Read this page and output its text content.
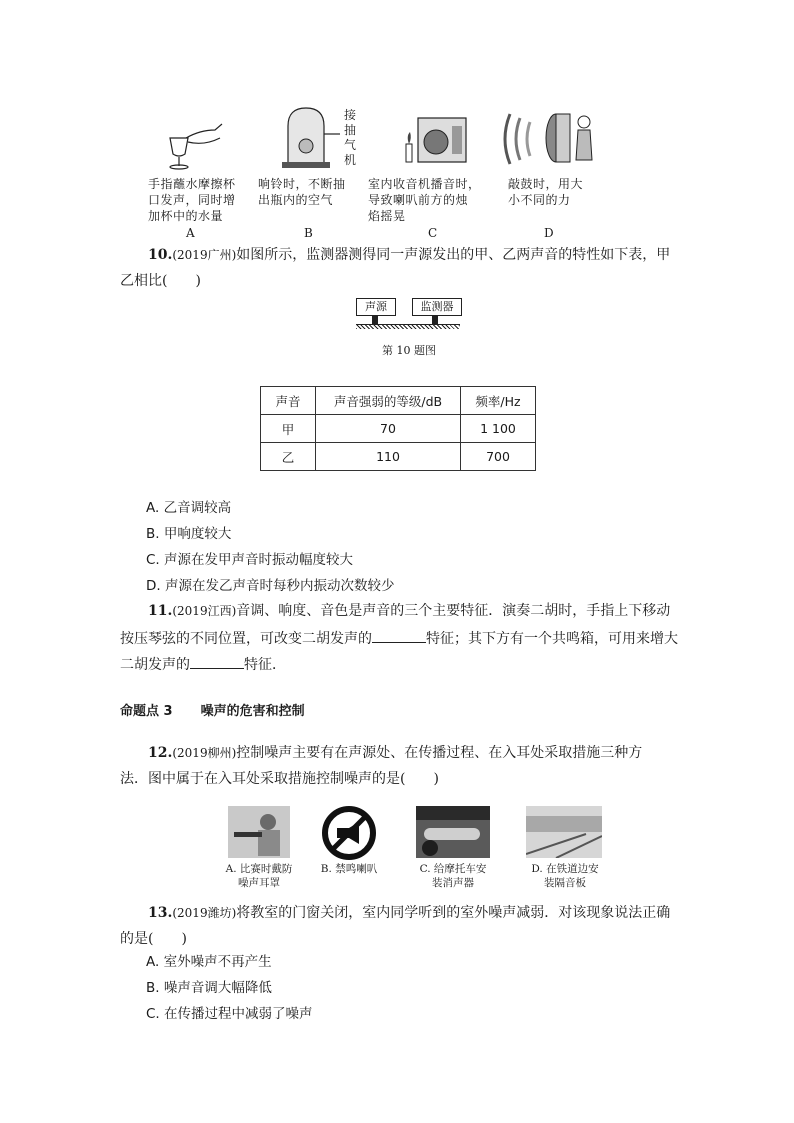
手指蘸水摩擦杯
口发声，同时增
加杯中的水量
A
接
抽
气
机
响铃时，不断抽
出瓶内的空气
B
室内收音机播音时，
导致喇叭前方的烛
焰摇晃
C
敲鼓时，用大
小不同的力
D
10.(2019广州)如图所示，监测器测得同一声源发出的甲、乙两声音的特性如下表，甲
乙相比(　　)
声源	监测器
第 10 题图
声音	声音强弱的等级/dB	频率/Hz
甲	70	1 100
乙	110	700
A. 乙音调较高
B. 甲响度较大
C. 声源在发甲声音时振动幅度较大
D. 声源在发乙声音时每秒内振动次数较少
11.(2019江西)音调、响度、音色是声音的三个主要特征．演奏二胡时，手指上下移动
按压琴弦的不同位置，可改变二胡发声的	特征；其下方有一个共鸣箱，可用来增大
二胡发声的	特征．
命题点 3 噪声的危害和控制
12.(2019柳州)控制噪声主要有在声源处、在传播过程、在入耳处采取措施三种方
法．图中属于在入耳处采取措施控制噪声的是(　　)
A. 比赛时戴防
噪声耳罩
B. 禁鸣喇叭	C. 给摩托车安
装消声器
D. 在铁道边安
装隔音板
13.(2019潍坊)将教室的门窗关闭，室内同学听到的室外噪声减弱．对该现象说法正确
的是(　　)
A. 室外噪声不再产生
B. 噪声音调大幅降低
C. 在传播过程中减弱了噪声
